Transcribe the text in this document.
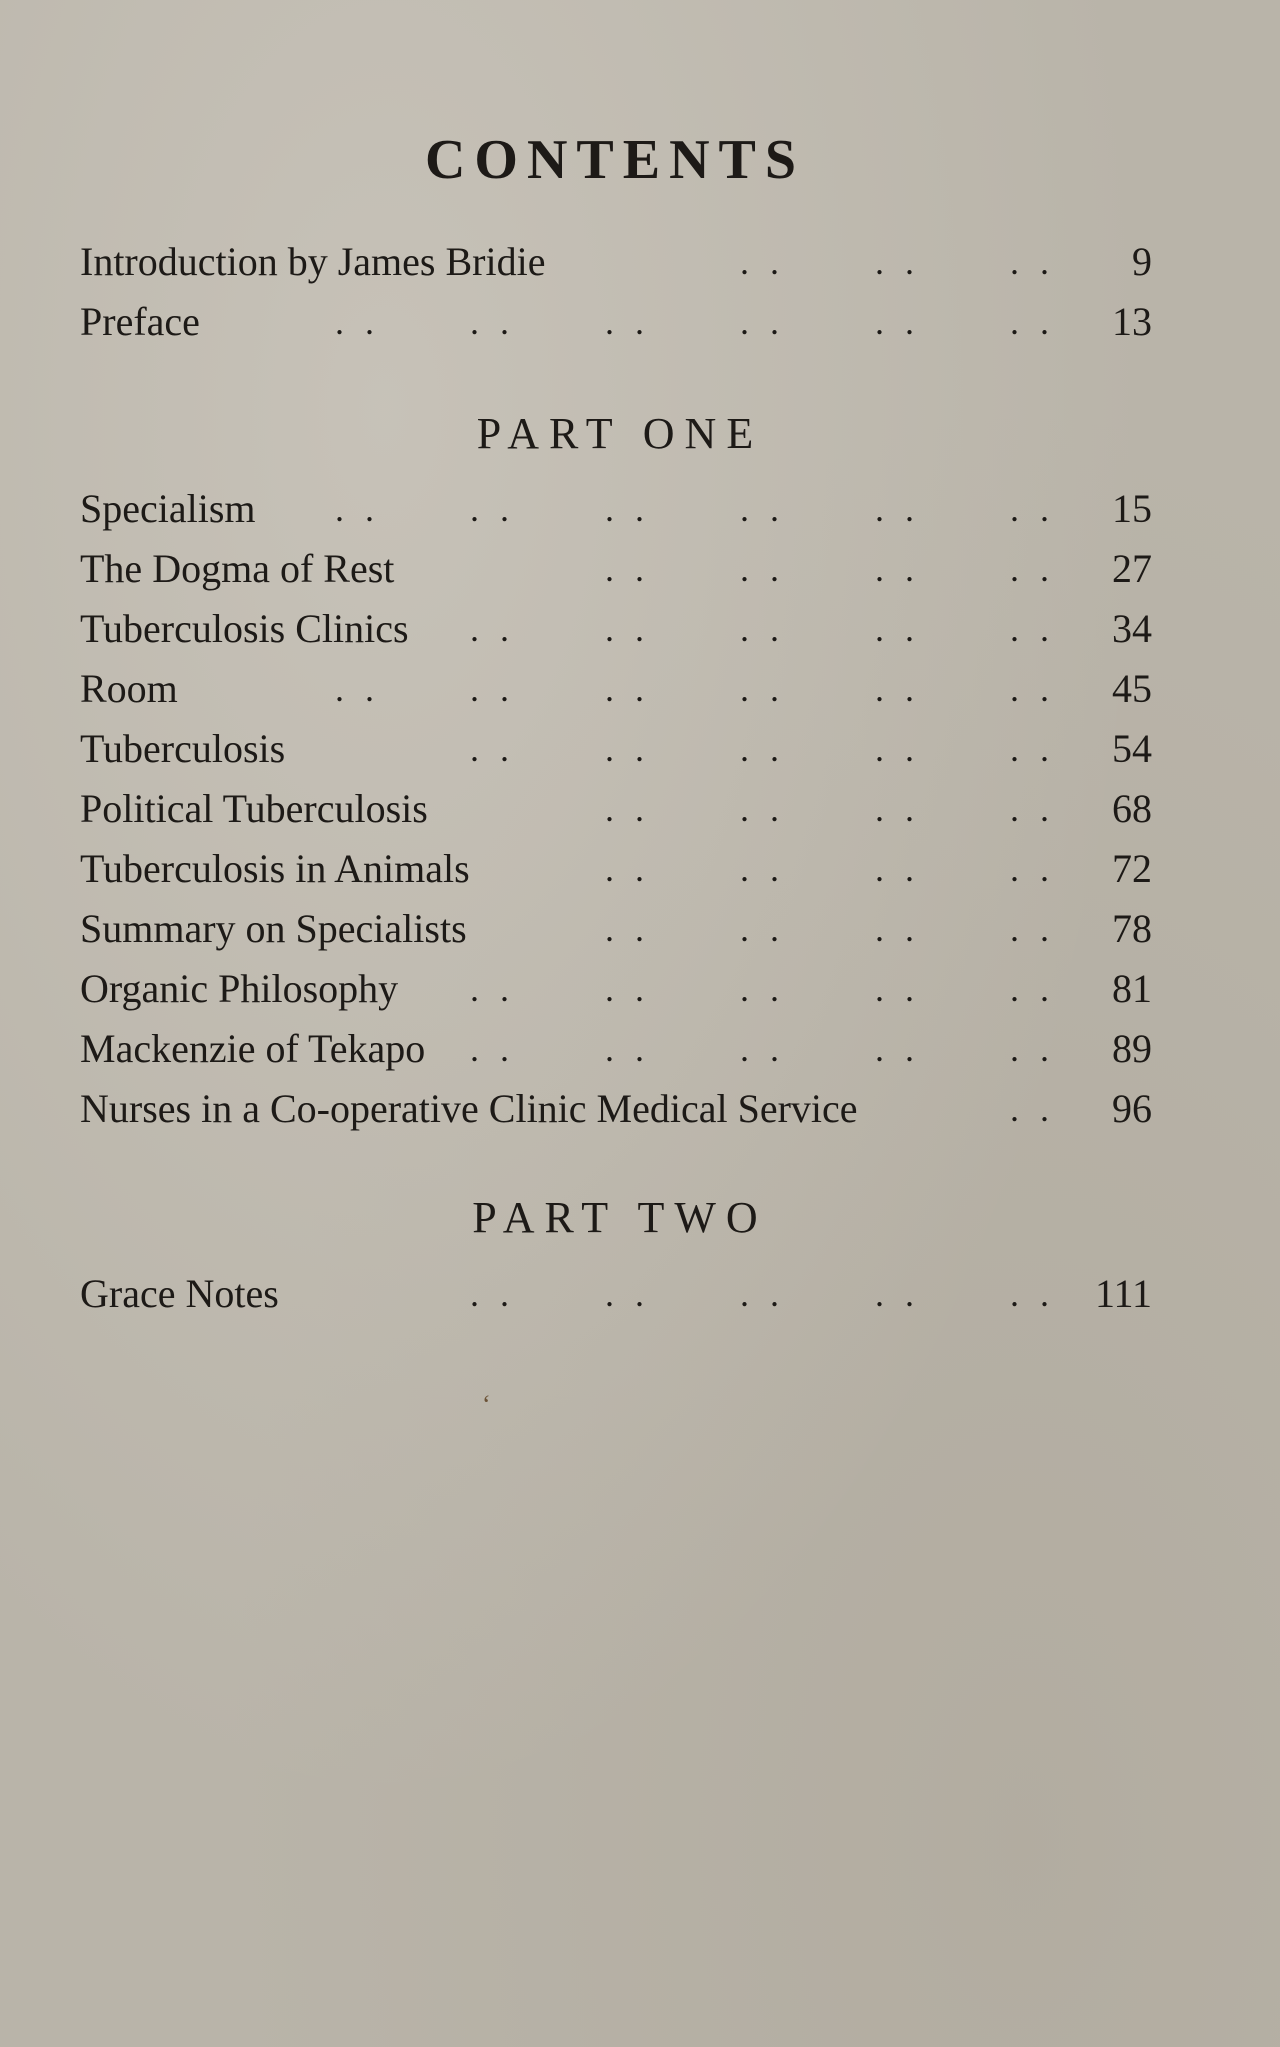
CONTENTS
. .	. .	. .
Introduction by James Bridie	9
. .	. .	. .	. .	. .	. .
Preface	13
PART ONE
. .	. .	. .	. .	. .	. .
Specialism	15
. .	. .	. .	. .
The Dogma of Rest	27
. .	. .	. .	. .	. .
Tuberculosis Clinics	34
. .	. .	. .	. .	. .	. .
Room	45
. .	. .	. .	. .	. .
Tuberculosis	54
. .	. .	. .	. .
Political Tuberculosis	68
. .	. .	. .	. .
Tuberculosis in Animals	72
. .	. .	. .	. .
Summary on Specialists	78
. .	. .	. .	. .	. .
Organic Philosophy	81
. .	. .	. .	. .	. .
Mackenzie of Tekapo	89
. .
Nurses in a Co-operative Clinic Medical Service	96
PART TWO
. .	. .	. .	. .	. .
Grace Notes	111
‘
